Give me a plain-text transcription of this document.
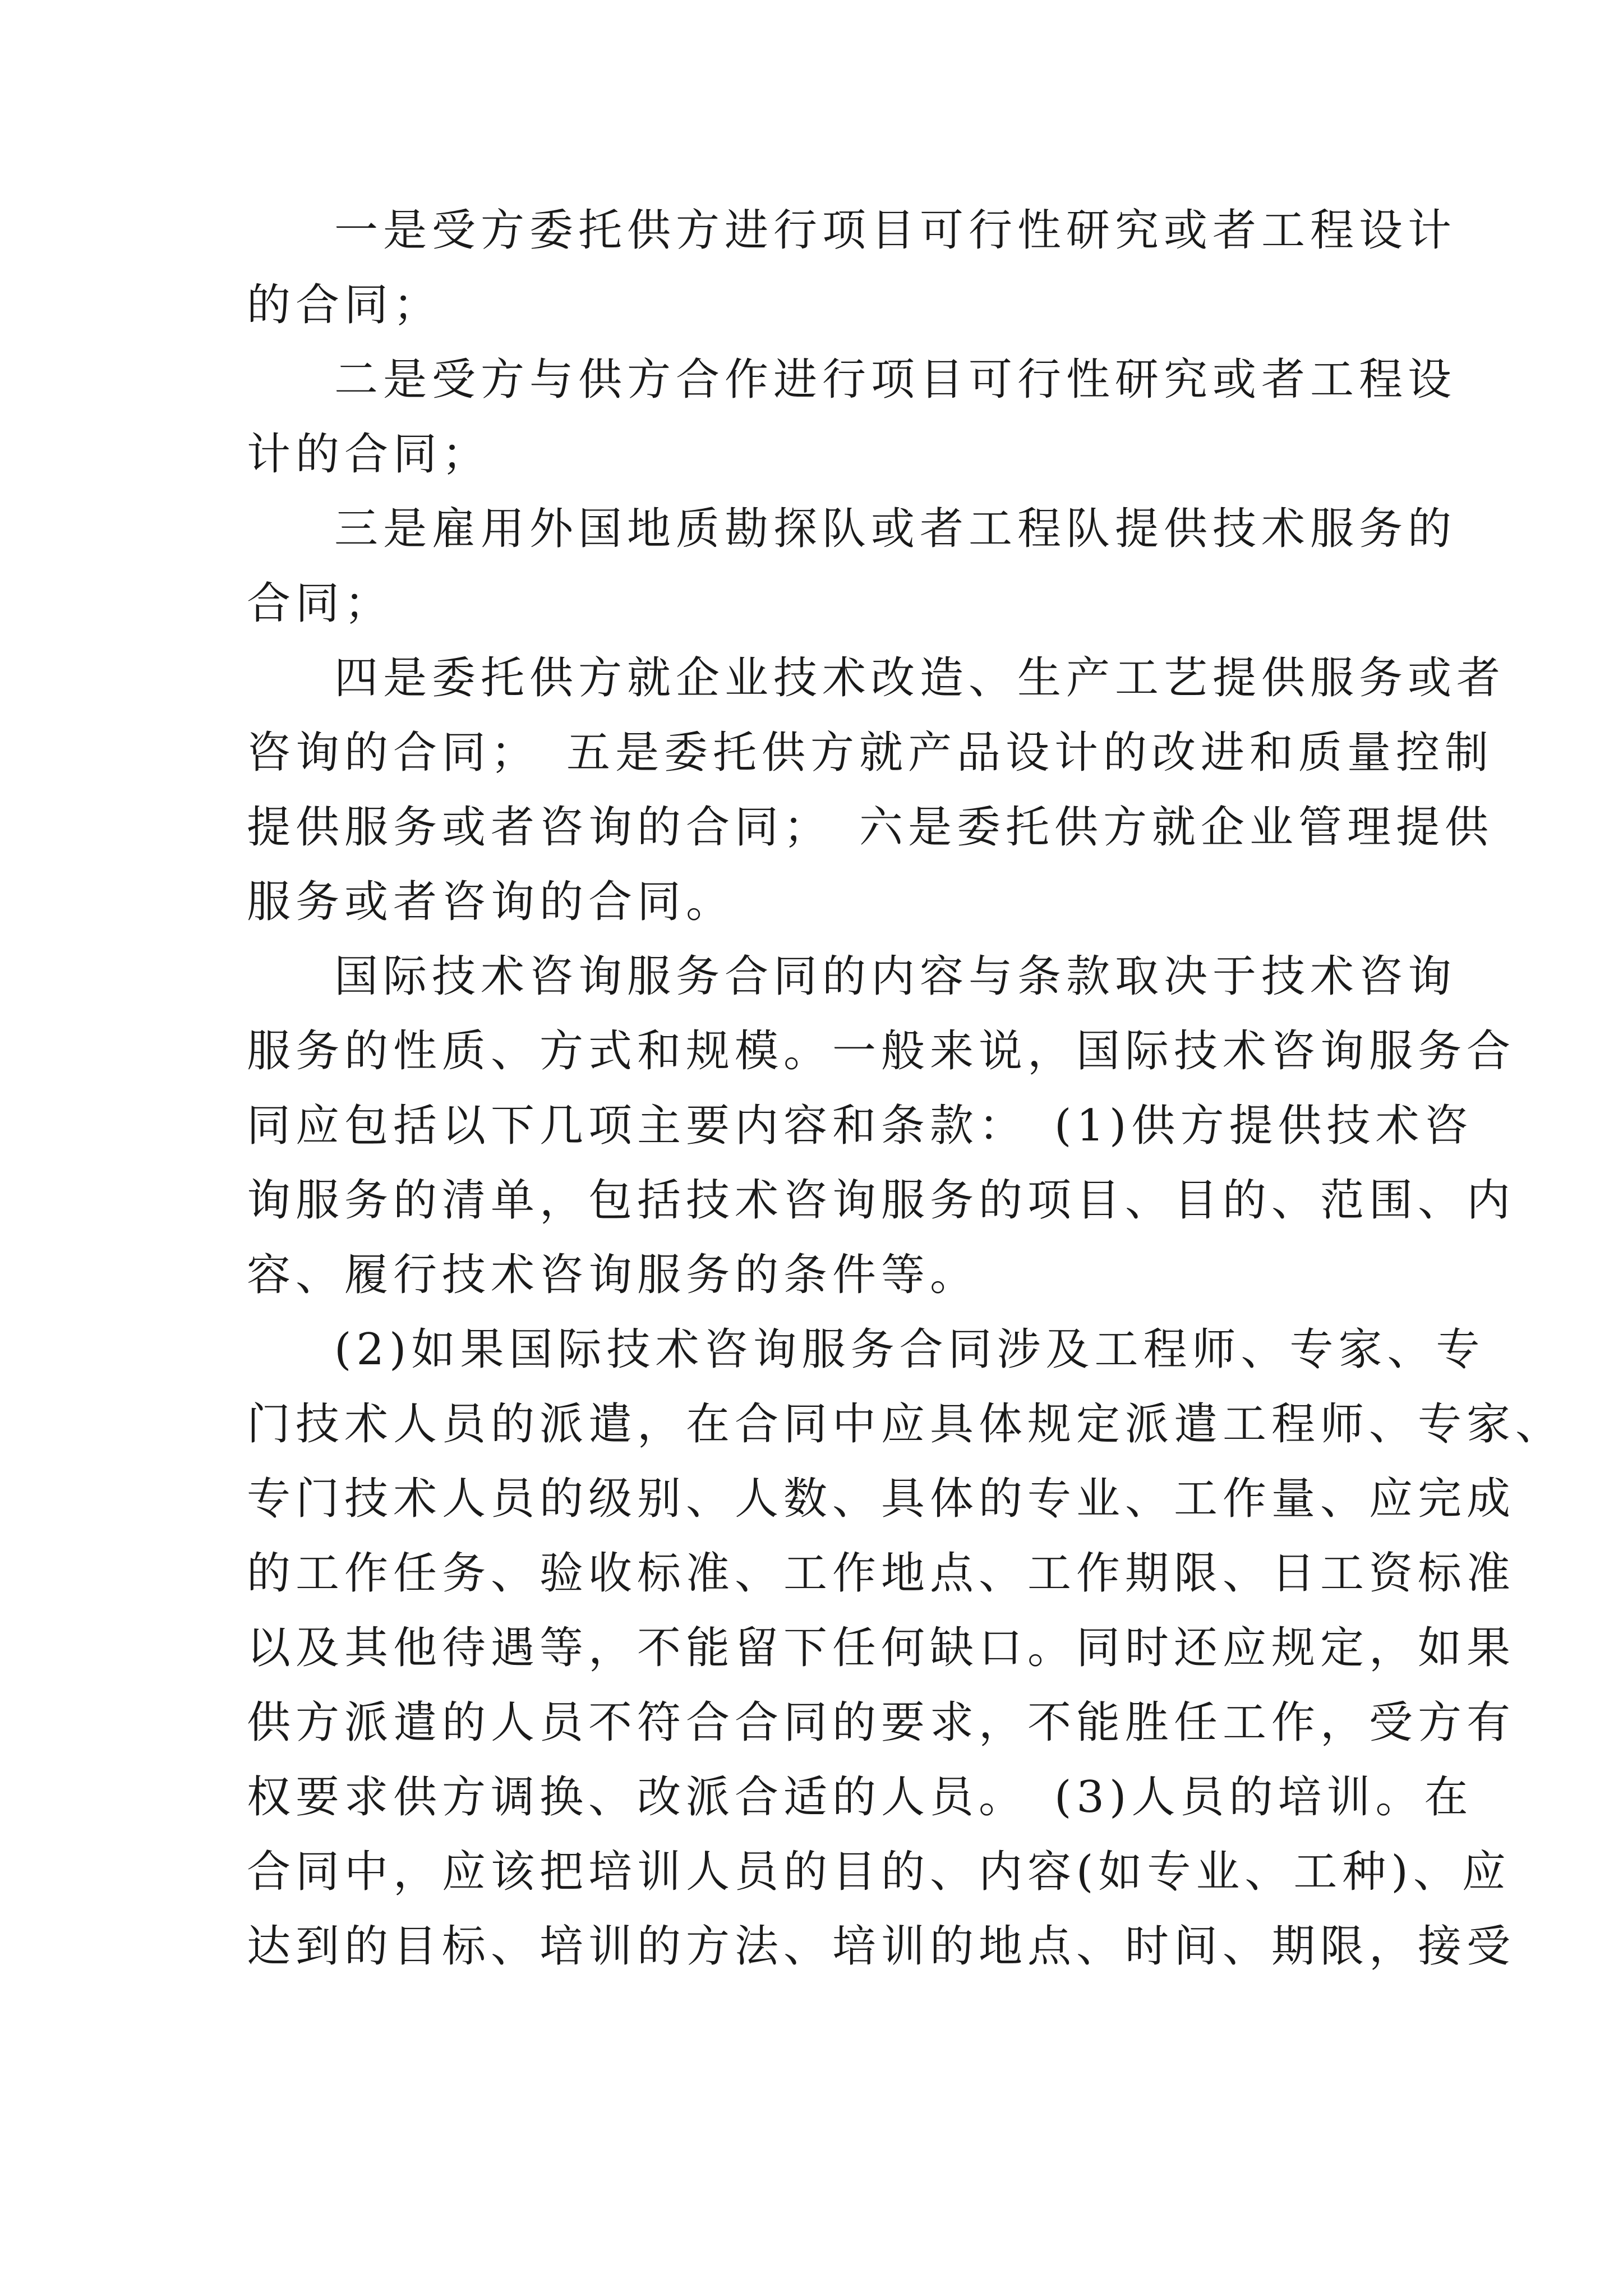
一是受方委托供方进行项目可行性研究或者工程设计
的合同；
二是受方与供方合作进行项目可行性研究或者工程设
计的合同；
三是雇用外国地质勘探队或者工程队提供技术服务的
合同；
四是委托供方就企业技术改造、生产工艺提供服务或者
咨询的合同；　五是委托供方就产品设计的改进和质量控制
提供服务或者咨询的合同；　六是委托供方就企业管理提供
服务或者咨询的合同。
国际技术咨询服务合同的内容与条款取决于技术咨询
服务的性质、方式和规模。一般来说，国际技术咨询服务合
同应包括以下几项主要内容和条款：　(1)供方提供技术咨
询服务的清单，包括技术咨询服务的项目、目的、范围、内
容、履行技术咨询服务的条件等。
(2)如果国际技术咨询服务合同涉及工程师、专家、专
门技术人员的派遣，在合同中应具体规定派遣工程师、专家、
专门技术人员的级别、人数、具体的专业、工作量、应完成
的工作任务、验收标准、工作地点、工作期限、日工资标准
以及其他待遇等，不能留下任何缺口。同时还应规定，如果
供方派遣的人员不符合合同的要求，不能胜任工作，受方有
权要求供方调换、改派合适的人员。　(3)人员的培训。在
合同中，应该把培训人员的目的、内容(如专业、工种)、应
达到的目标、培训的方法、培训的地点、时间、期限，接受
